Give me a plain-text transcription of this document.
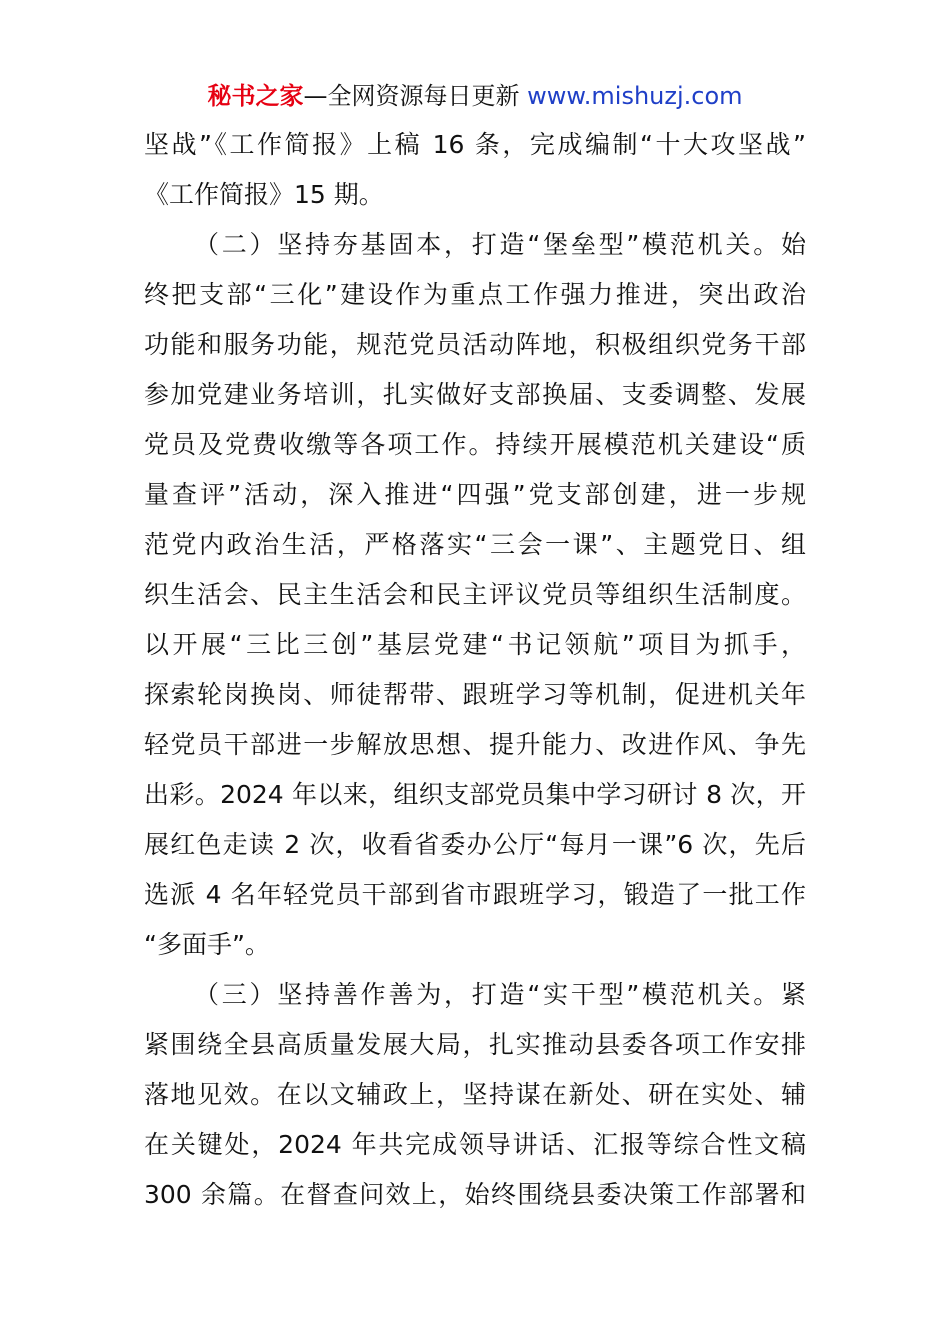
秘书之家—全网资源每日更新 www.mishuzj.com
坚战”《工作简报》上稿 16 条，完成编制“十大攻坚战”
《工作简报》15 期。
（二）坚持夯基固本，打造“堡垒型”模范机关。始
终把支部“三化”建设作为重点工作强力推进，突出政治
功能和服务功能，规范党员活动阵地，积极组织党务干部
参加党建业务培训，扎实做好支部换届、支委调整、发展
党员及党费收缴等各项工作。持续开展模范机关建设“质
量查评”活动，深入推进“四强”党支部创建，进一步规
范党内政治生活，严格落实“三会一课”、主题党日、组
织生活会、民主生活会和民主评议党员等组织生活制度。
以开展“三比三创”基层党建“书记领航”项目为抓手，
探索轮岗换岗、师徒帮带、跟班学习等机制，促进机关年
轻党员干部进一步解放思想、提升能力、改进作风、争先
出彩。2024 年以来，组织支部党员集中学习研讨 8 次，开
展红色走读 2 次，收看省委办公厅“每月一课”6 次，先后
选派 4 名年轻党员干部到省市跟班学习，锻造了一批工作
“多面手”。
（三）坚持善作善为，打造“实干型”模范机关。紧
紧围绕全县高质量发展大局，扎实推动县委各项工作安排
落地见效。在以文辅政上，坚持谋在新处、研在实处、辅
在关键处，2024 年共完成领导讲话、汇报等综合性文稿
300 余篇。在督查问效上，始终围绕县委决策工作部署和
